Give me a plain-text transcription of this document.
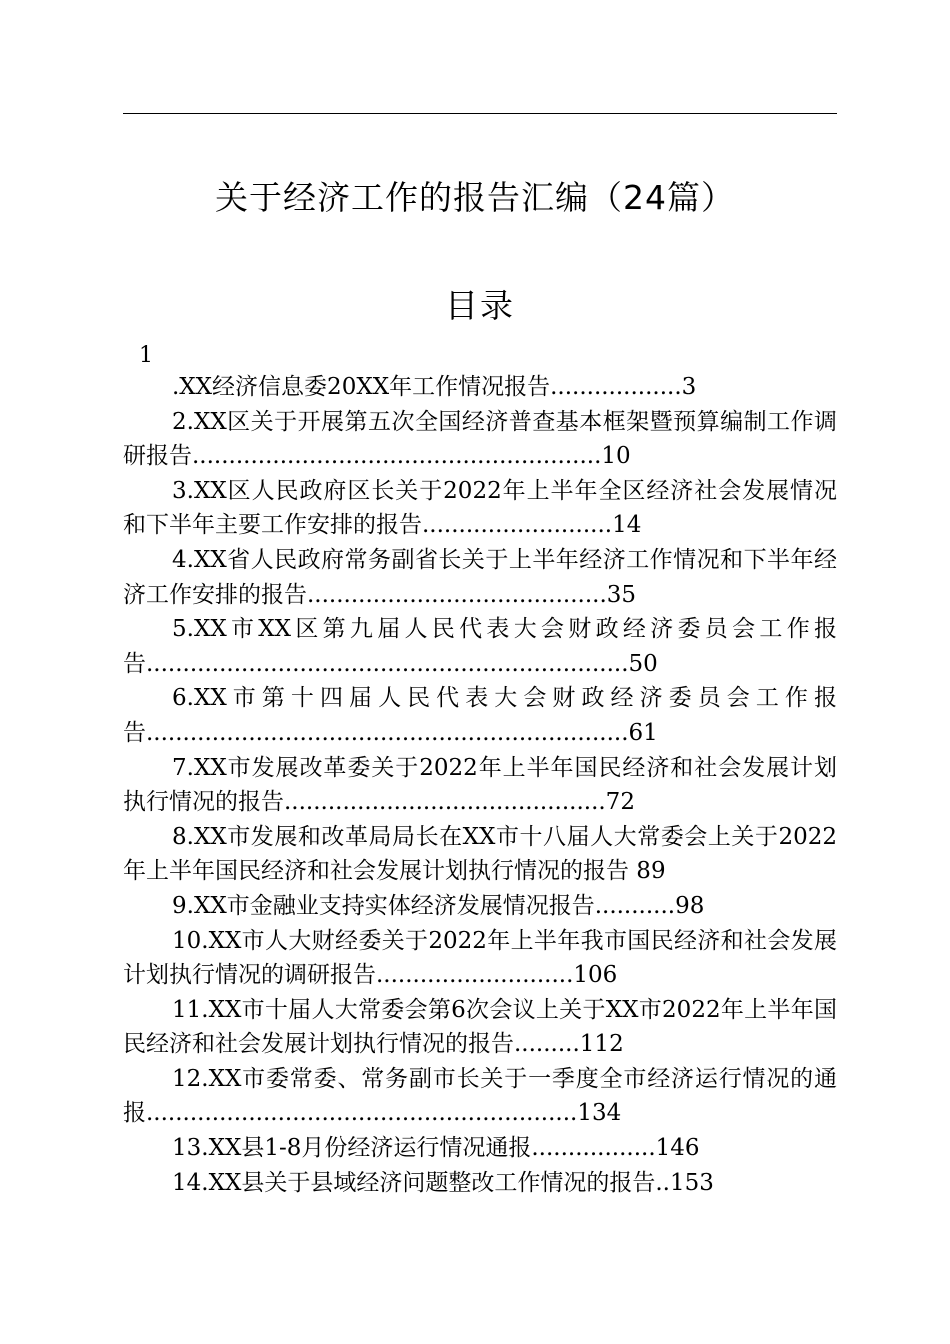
关于经济工作的报告汇编（24篇）
目录
1
.XX经济信息委20XX年工作情况报告..................3
2.XX区关于开展第五次全国经济普查基本框架暨预算编制工作调研报告........................................................10
3.XX区人民政府区长关于2022年上半年全区经济社会发展情况和下半年主要工作安排的报告..........................14
4.XX省人民政府常务副省长关于上半年经济工作情况和下半年经济工作安排的报告.........................................35
5.XX市XX区第九届人民代表大会财政经济委员会工作报告..................................................................50
6.XX市第十四届人民代表大会财政经济委员会工作报告..................................................................61
7.XX市发展改革委关于2022年上半年国民经济和社会发展计划执行情况的报告............................................72
8.XX市发展和改革局局长在XX市十八届人大常委会上关于2022年上半年国民经济和社会发展计划执行情况的报告 89
9.XX市金融业支持实体经济发展情况报告...........98
10.XX市人大财经委关于2022年上半年我市国民经济和社会发展计划执行情况的调研报告...........................106
11.XX市十届人大常委会第6次会议上关于XX市2022年上半年国民经济和社会发展计划执行情况的报告.........112
12.XX市委常委、常务副市长关于一季度全市经济运行情况的通报...........................................................134
13.XX县1-8月份经济运行情况通报.................146
14.XX县关于县域经济问题整改工作情况的报告..153
